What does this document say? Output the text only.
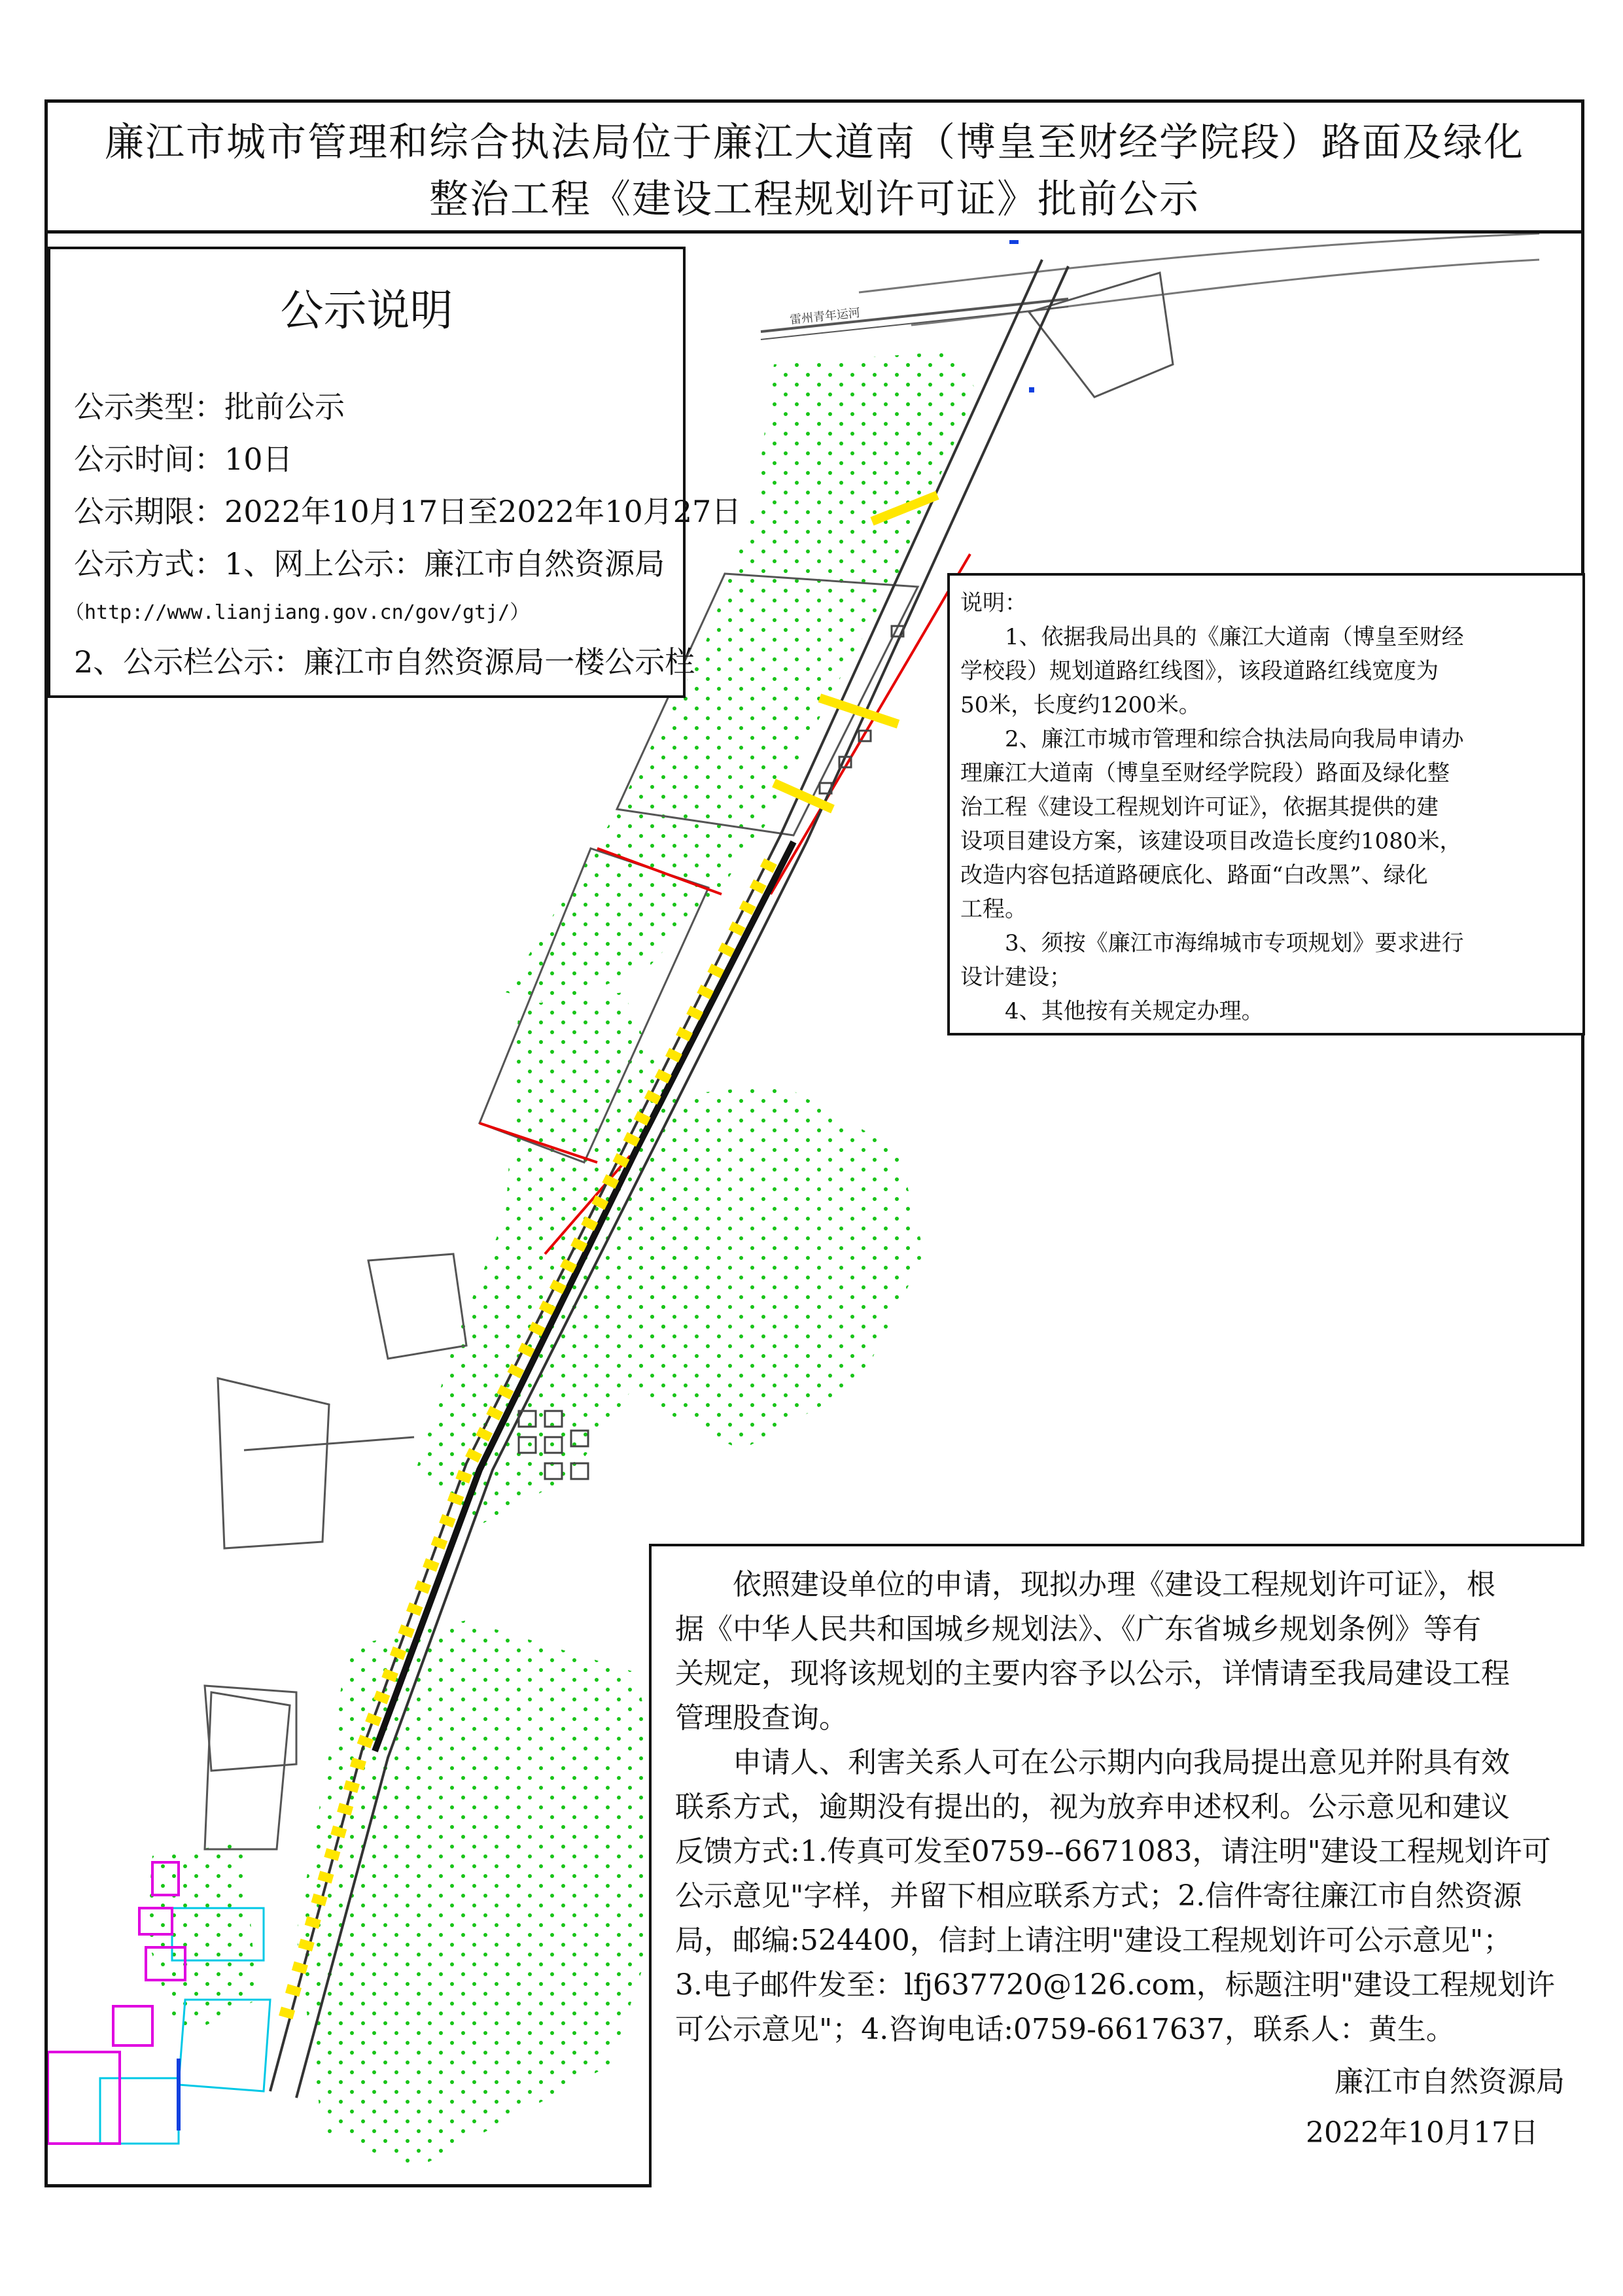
廉江市城市管理和综合执法局位于廉江大道南（博皇至财经学院段）路面及绿化
整治工程《建设工程规划许可证》批前公示
雷州青年运河
公示说明
公示类型：批前公示
公示时间：10日
公示期限：2022年10月17日至2022年10月27日
公示方式：1、网上公示：廉江市自然资源局
（http://www.lianjiang.gov.cn/gov/gtj/）
2、公示栏公示：廉江市自然资源局一楼公示栏
说明：
　　1、依据我局出具的《廉江大道南（博皇至财经
学校段）规划道路红线图》，该段道路红线宽度为
50米，长度约1200米。
　　2、廉江市城市管理和综合执法局向我局申请办
理廉江大道南（博皇至财经学院段）路面及绿化整
治工程《建设工程规划许可证》，依据其提供的建
设项目建设方案，该建设项目改造长度约1080米，
改造内容包括道路硬底化、路面“白改黑”、绿化
工程。
　　3、须按《廉江市海绵城市专项规划》要求进行
设计建设；
　　4、其他按有关规定办理。
　　依照建设单位的申请，现拟办理《建设工程规划许可证》，根
据《中华人民共和国城乡规划法》、《广东省城乡规划条例》等有
关规定，现将该规划的主要内容予以公示，详情请至我局建设工程
管理股查询。
　　申请人、利害关系人可在公示期内向我局提出意见并附具有效
联系方式，逾期没有提出的，视为放弃申述权利。公示意见和建议
反馈方式:1.传真可发至0759--6671083，请注明"建设工程规划许可
公示意见"字样，并留下相应联系方式；2.信件寄往廉江市自然资源
局，邮编:524400，信封上请注明"建设工程规划许可公示意见"；
3.电子邮件发至：lfj637720@126.com，标题注明"建设工程规划许
可公示意见"；4.咨询电话:0759-6617637，联系人：黄生。
廉江市自然资源局
2022年10月17日
